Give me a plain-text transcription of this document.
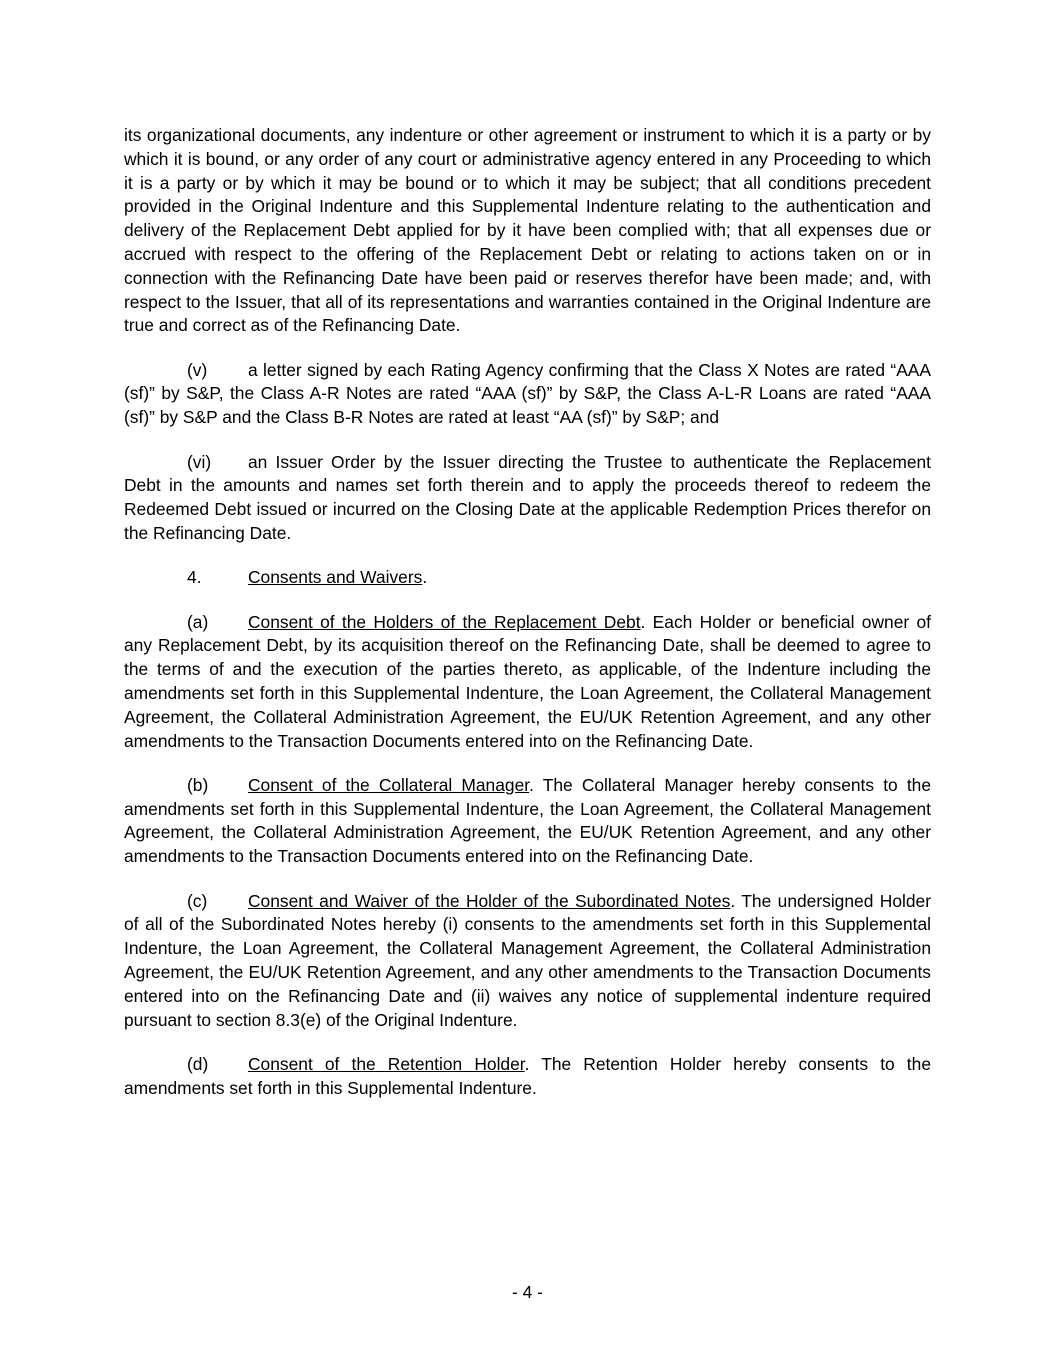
its organizational documents, any indenture or other agreement or instrument to which it is a party or by which it is bound, or any order of any court or administrative agency entered in any Proceeding to which it is a party or by which it may be bound or to which it may be subject; that all conditions precedent provided in the Original Indenture and this Supplemental Indenture relating to the authentication and delivery of the Replacement Debt applied for by it have been complied with; that all expenses due or accrued with respect to the offering of the Replacement Debt or relating to actions taken on or in connection with the Refinancing Date have been paid or reserves therefor have been made; and, with respect to the Issuer, that all of its representations and warranties contained in the Original Indenture are true and correct as of the Refinancing Date.

(v) a letter signed by each Rating Agency confirming that the Class X Notes are rated “AAA (sf)” by S&P, the Class A-R Notes are rated “AAA (sf)” by S&P, the Class A-L-R Loans are rated “AAA (sf)” by S&P and the Class B-R Notes are rated at least “AA (sf)” by S&P; and

(vi) an Issuer Order by the Issuer directing the Trustee to authenticate the Replacement Debt in the amounts and names set forth therein and to apply the proceeds thereof to redeem the Redeemed Debt issued or incurred on the Closing Date at the applicable Redemption Prices therefor on the Refinancing Date.

4.	Consents and Waivers.

(a) Consent of the Holders of the Replacement Debt. Each Holder or beneficial owner of any Replacement Debt, by its acquisition thereof on the Refinancing Date, shall be deemed to agree to the terms of and the execution of the parties thereto, as applicable, of the Indenture including the amendments set forth in this Supplemental Indenture, the Loan Agreement, the Collateral Management Agreement, the Collateral Administration Agreement, the EU/UK Retention Agreement, and any other amendments to the Transaction Documents entered into on the Refinancing Date.

(b) Consent of the Collateral Manager. The Collateral Manager hereby consents to the amendments set forth in this Supplemental Indenture, the Loan Agreement, the Collateral Management Agreement, the Collateral Administration Agreement, the EU/UK Retention Agreement, and any other amendments to the Transaction Documents entered into on the Refinancing Date.

(c) Consent and Waiver of the Holder of the Subordinated Notes. The undersigned Holder of all of the Subordinated Notes hereby (i) consents to the amendments set forth in this Supplemental Indenture, the Loan Agreement, the Collateral Management Agreement, the Collateral Administration Agreement, the EU/UK Retention Agreement, and any other amendments to the Transaction Documents entered into on the Refinancing Date and (ii) waives any notice of supplemental indenture required pursuant to section 8.3(e) of the Original Indenture.

(d) Consent of the Retention Holder. The Retention Holder hereby consents to the amendments set forth in this Supplemental Indenture.

- 4 -
